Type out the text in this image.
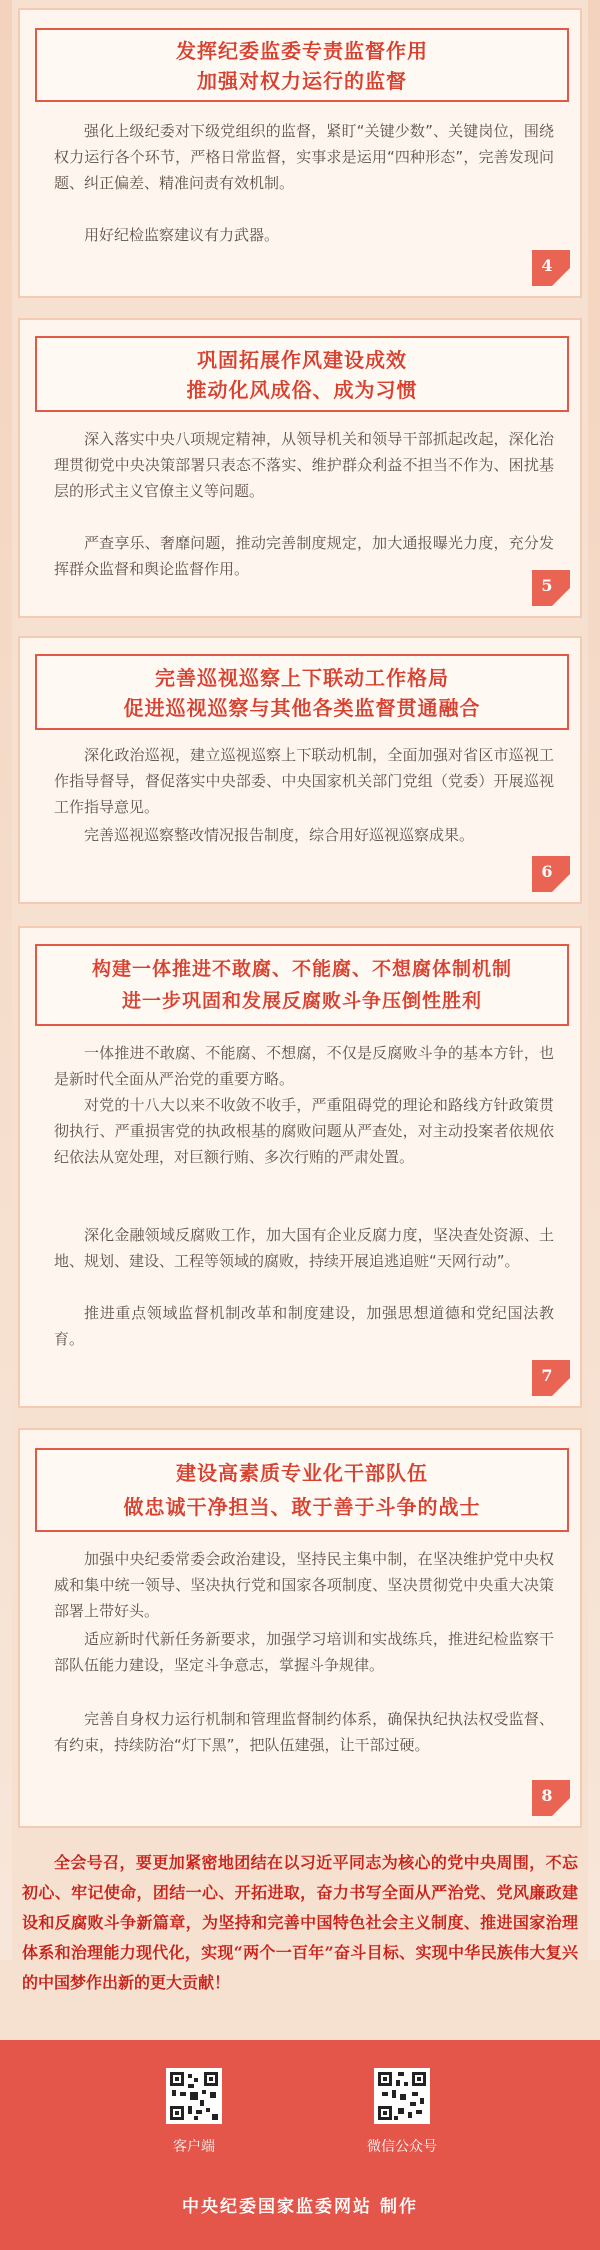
发挥纪委监委专责监督作用
加强对权力运行的监督

强化上级纪委对下级党组织的监督，紧盯“关键少数”、关键岗位，围绕权力运行各个环节，严格日常监督，实事求是运用“四种形态”，完善发现问题、纠正偏差、精准问责有效机制。

用好纪检监察建议有力武器。

4
巩固拓展作风建设成效
推动化风成俗、成为习惯

深入落实中央八项规定精神，从领导机关和领导干部抓起改起，深化治理贯彻党中央决策部署只表态不落实、维护群众利益不担当不作为、困扰基层的形式主义官僚主义等问题。

严查享乐、奢靡问题，推动完善制度规定，加大通报曝光力度，充分发挥群众监督和舆论监督作用。

5
完善巡视巡察上下联动工作格局
促进巡视巡察与其他各类监督贯通融合

深化政治巡视，建立巡视巡察上下联动机制，全面加强对省区市巡视工作指导督导，督促落实中央部委、中央国家机关部门党组（党委）开展巡视工作指导意见。

完善巡视巡察整改情况报告制度，综合用好巡视巡察成果。

6
构建一体推进不敢腐、不能腐、不想腐体制机制
进一步巩固和发展反腐败斗争压倒性胜利

一体推进不敢腐、不能腐、不想腐，不仅是反腐败斗争的基本方针，也是新时代全面从严治党的重要方略。

对党的十八大以来不收敛不收手，严重阻碍党的理论和路线方针政策贯彻执行、严重损害党的执政根基的腐败问题从严查处，对主动投案者依规依纪依法从宽处理，对巨额行贿、多次行贿的严肃处置。

深化金融领域反腐败工作，加大国有企业反腐力度，坚决查处资源、土地、规划、建设、工程等领域的腐败，持续开展追逃追赃“天网行动”。

推进重点领域监督机制改革和制度建设，加强思想道德和党纪国法教育。

7
建设高素质专业化干部队伍
做忠诚干净担当、敢于善于斗争的战士

加强中央纪委常委会政治建设，坚持民主集中制，在坚决维护党中央权威和集中统一领导、坚决执行党和国家各项制度、坚决贯彻党中央重大决策部署上带好头。

适应新时代新任务新要求，加强学习培训和实战练兵，推进纪检监察干部队伍能力建设，坚定斗争意志，掌握斗争规律。

完善自身权力运行机制和管理监督制约体系，确保执纪执法权受监督、有约束，持续防治“灯下黑”，把队伍建强，让干部过硬。

8
全会号召，要更加紧密地团结在以习近平同志为核心的党中央周围，不忘初心、牢记使命，团结一心、开拓进取，奋力书写全面从严治党、党风廉政建设和反腐败斗争新篇章，为坚持和完善中国特色社会主义制度、推进国家治理体系和治理能力现代化，实现“两个一百年”奋斗目标、实现中华民族伟大复兴的中国梦作出新的更大贡献！
客户端	微信公众号
中央纪委国家监委网站 制作
